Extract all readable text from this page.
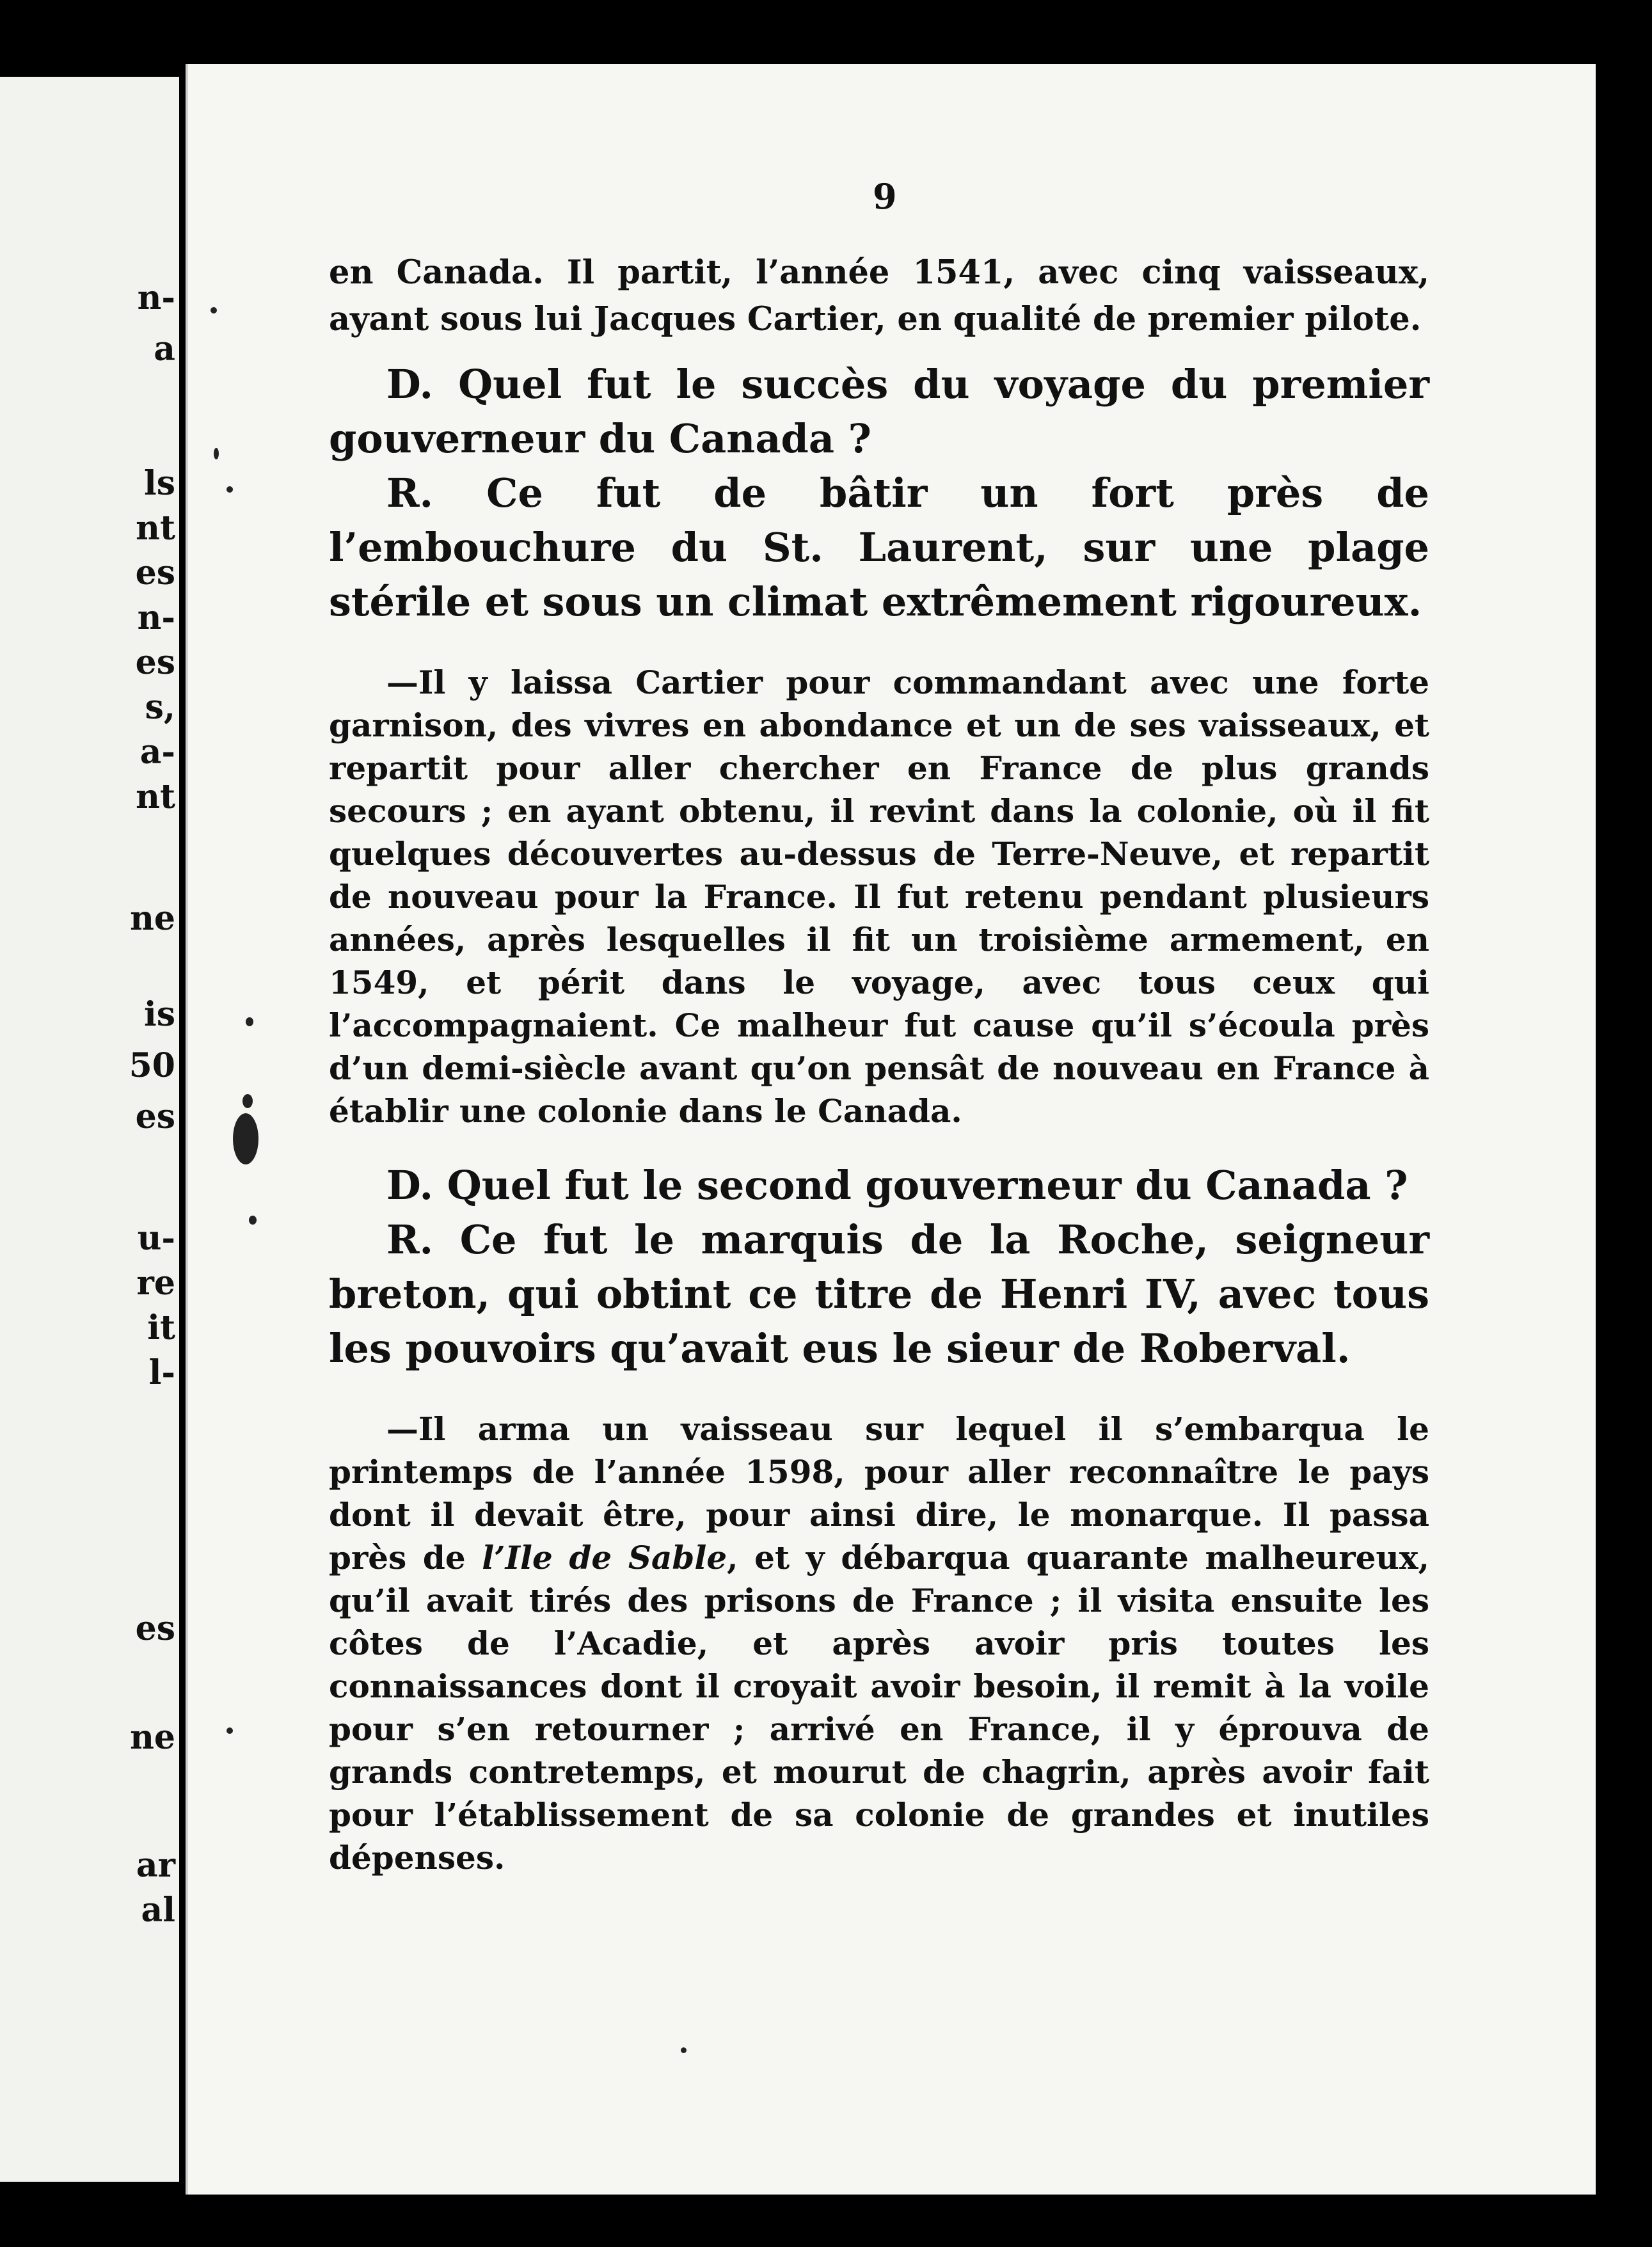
n-
a
ls
nt
es
n-
es
s,
a-
nt
ne
is
50
es
u-
re
it
l-
es
ne
ar
al
9

en Canada. Il partit, l’année 1541, avec cinq vaisseaux, ayant sous lui Jacques Cartier, en qualité de premier pilote.

D. Quel fut le succès du voyage du premier gouverneur du Canada ?

R. Ce fut de bâtir un fort près de l’embouchure du St. Laurent, sur une plage stérile et sous un climat extrêmement rigoureux.

—Il y laissa Cartier pour commandant avec une forte garnison, des vivres en abondance et un de ses vaisseaux, et repartit pour aller chercher en France de plus grands secours ; en ayant obtenu, il revint dans la colonie, où il fit quelques découvertes au-dessus de Terre-Neuve, et repartit de nouveau pour la France. Il fut retenu pendant plusieurs années, après lesquelles il fit un troisième armement, en 1549, et périt dans le voyage, avec tous ceux qui l’accompagnaient. Ce malheur fut cause qu’il s’écoula près d’un demi-siècle avant qu’on pensât de nouveau en France à établir une colonie dans le Canada.

D. Quel fut le second gouverneur du Canada ?

R. Ce fut le marquis de la Roche, seigneur breton, qui obtint ce titre de Henri IV, avec tous les pouvoirs qu’avait eus le sieur de Roberval.

—Il arma un vaisseau sur lequel il s’embarqua le printemps de l’année 1598, pour aller reconnaître le pays dont il devait être, pour ainsi dire, le monarque. Il passa près de l’Ile de Sable, et y débarqua quarante malheureux, qu’il avait tirés des prisons de France ; il visita ensuite les côtes de l’Acadie, et après avoir pris toutes les connaissances dont il croyait avoir besoin, il remit à la voile pour s’en retourner ; arrivé en France, il y éprouva de grands contretemps, et mourut de chagrin, après avoir fait pour l’établissement de sa colonie de grandes et inutiles dépenses.
